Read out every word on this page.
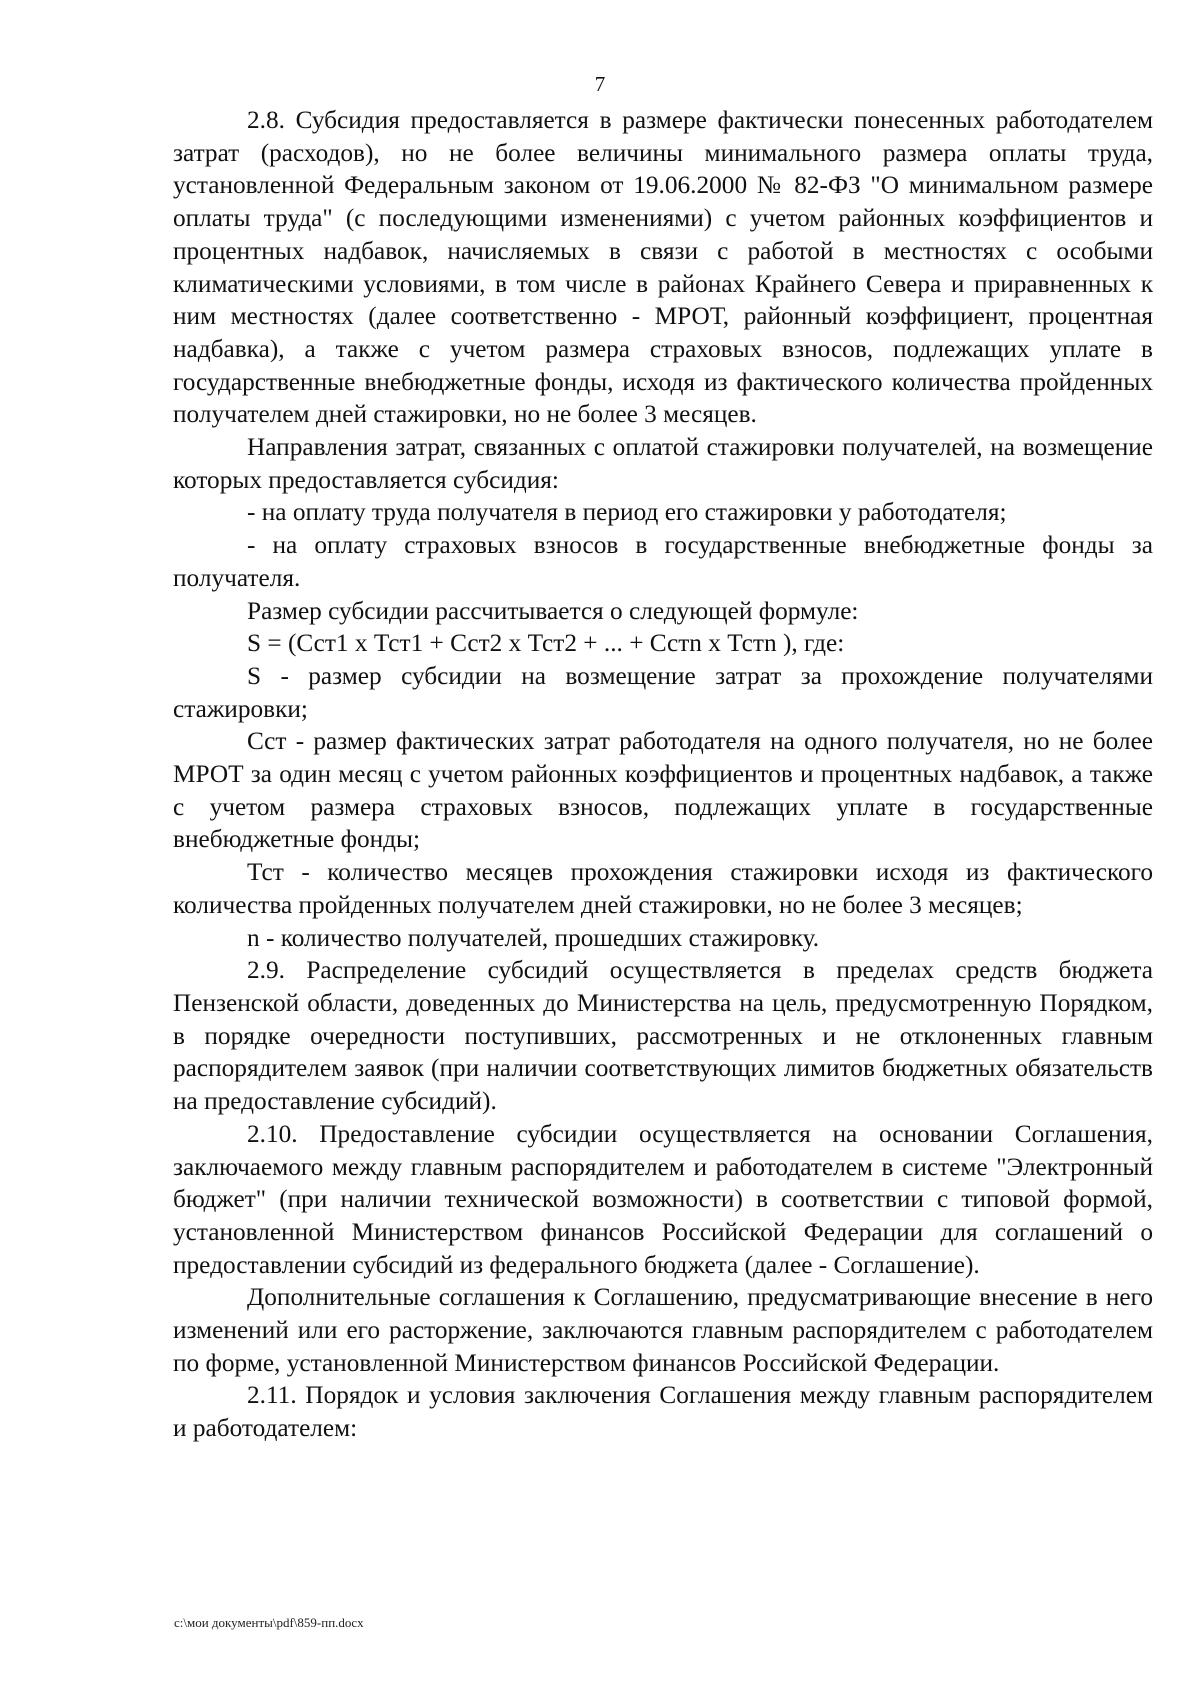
7

2.8. Субсидия предоставляется в размере фактически понесенных работодателем затрат (расходов), но не более величины минимального размера оплаты труда, установленной Федеральным законом от 19.06.2000 № 82-ФЗ "О минимальном размере оплаты труда" (с последующими изменениями) с учетом районных коэффициентов и процентных надбавок, начисляемых в связи с работой в местностях с особыми климатическими условиями, в том числе в районах Крайнего Севера и приравненных к ним местностях (далее соответственно - МРОТ, районный коэффициент, процентная надбавка), а также с учетом размера страховых взносов, подлежащих уплате в государственные внебюджетные фонды, исходя из фактического количества пройденных получателем дней стажировки, но не более 3 месяцев.

Направления затрат, связанных с оплатой стажировки получателей, на возмещение которых предоставляется субсидия:

- на оплату труда получателя в период его стажировки у работодателя;

- на оплату страховых взносов в государственные внебюджетные фонды за получателя.

Размер субсидии рассчитывается о следующей формуле:

S = (Сст1 x Тст1 + Сст2 x Тст2 + ... + Сстn x Тстn ), где:

S - размер субсидии на возмещение затрат за прохождение получателями стажировки;

Сст - размер фактических затрат работодателя на одного получателя, но не более МРОТ за один месяц с учетом районных коэффициентов и процентных надбавок, а также с учетом размера страховых взносов, подлежащих уплате в государственные внебюджетные фонды;

Тст - количество месяцев прохождения стажировки исходя из фактического количества пройденных получателем дней стажировки, но не более 3 месяцев;

n - количество получателей, прошедших стажировку.

2.9. Распределение субсидий осуществляется в пределах средств бюджета Пензенской области, доведенных до Министерства на цель, предусмотренную Порядком, в порядке очередности поступивших, рассмотренных и не отклоненных главным распорядителем заявок (при наличии соответствующих лимитов бюджетных обязательств на предоставление субсидий).

2.10. Предоставление субсидии осуществляется на основании Соглашения, заключаемого между главным распорядителем и работодателем в системе "Электронный бюджет" (при наличии технической возможности) в соответствии с типовой формой, установленной Министерством финансов Российской Федерации для соглашений о предоставлении субсидий из федерального бюджета (далее - Соглашение).

Дополнительные соглашения к Соглашению, предусматривающие внесение в него изменений или его расторжение, заключаются главным распорядителем с работодателем по форме, установленной Министерством финансов Российской Федерации.

2.11. Порядок и условия заключения Соглашения между главным распорядителем и работодателем:

c:\мои документы\pdf\859-пп.docx
